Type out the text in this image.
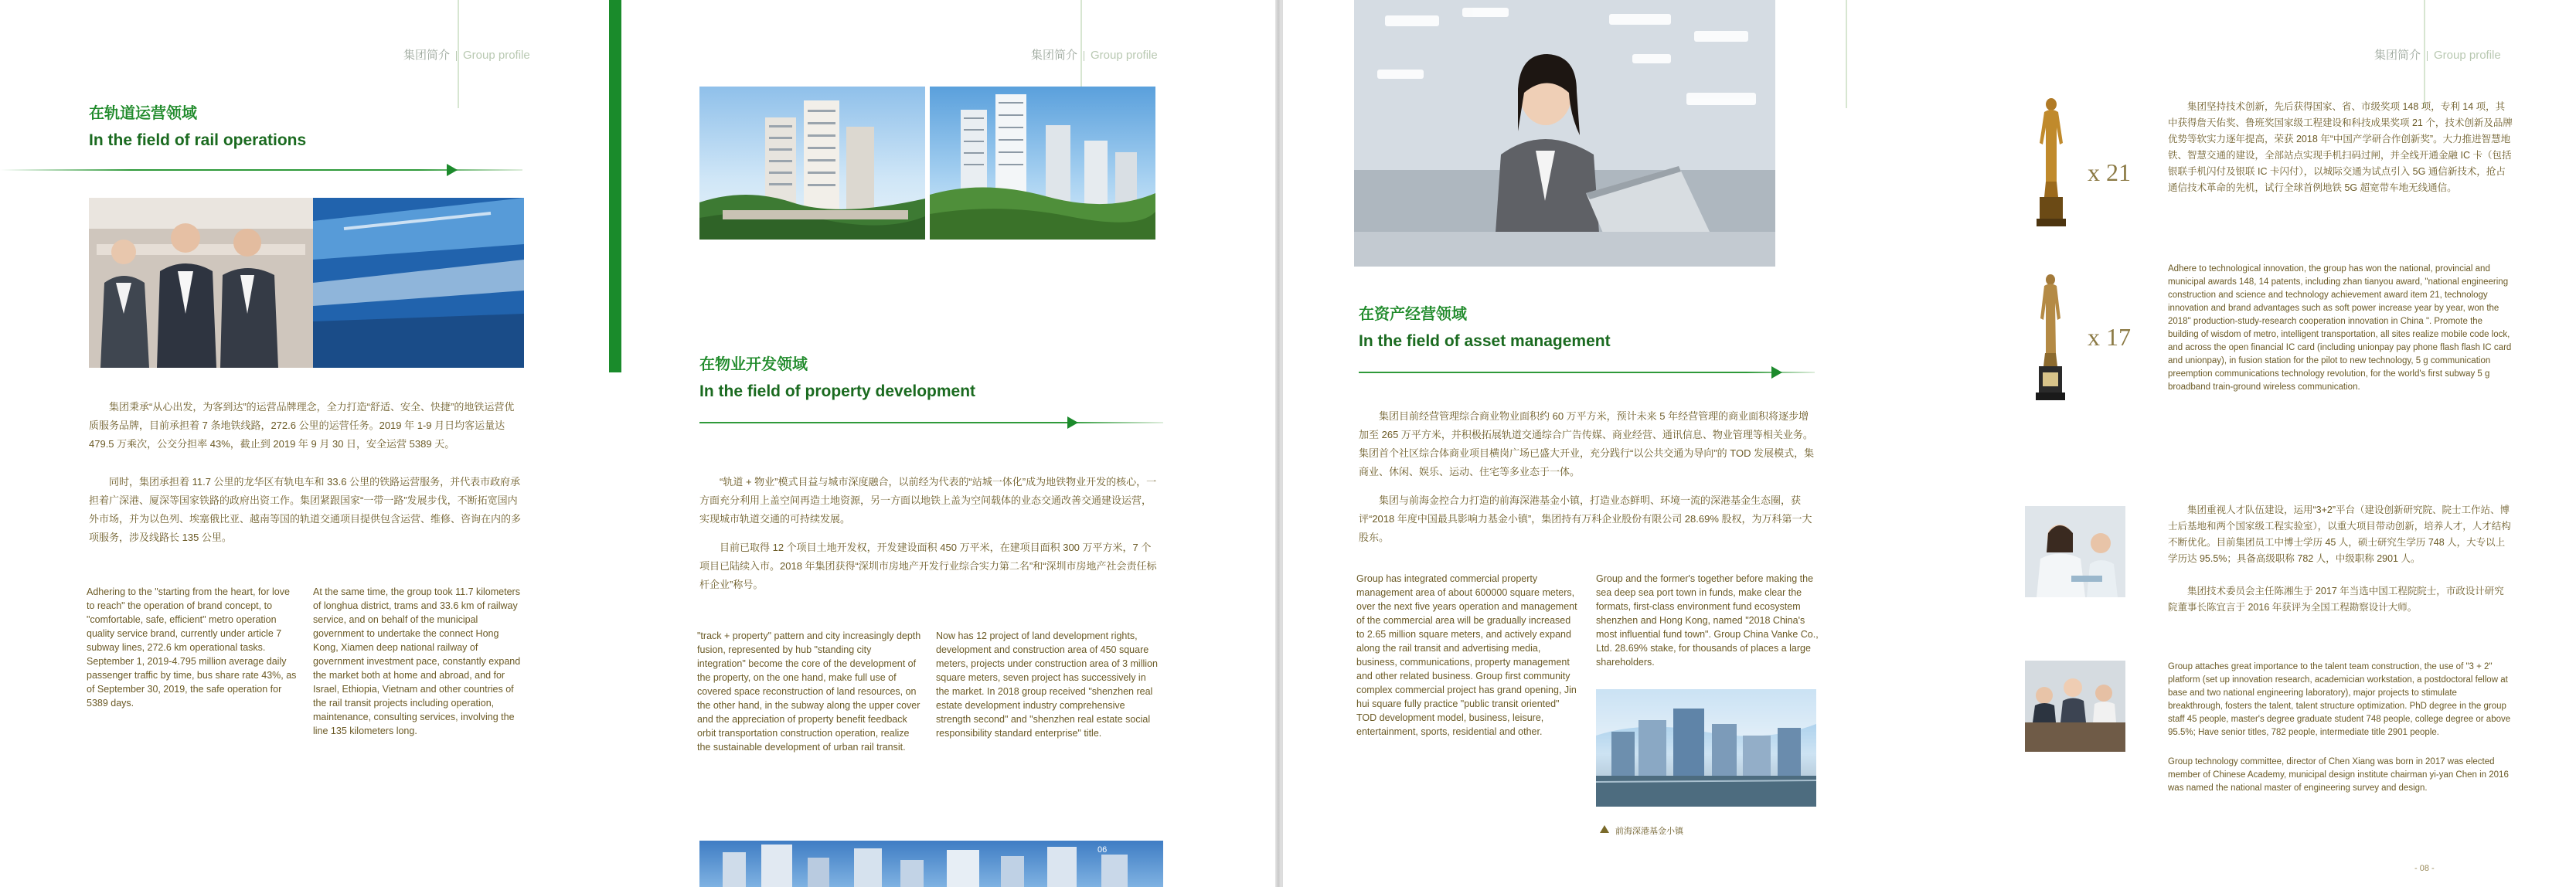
集团简介 Group profile
在轨道运营领域
In the field of rail operations

集团秉承“从心出发，为客到达”的运营品牌理念，全力打造“舒适、安全、快捷”的地铁运营优质服务品牌，目前承担着 7 条地铁线路，272.6 公里的运营任务。2019 年 1-9 月日均客运量达 479.5 万乘次，公交分担率 43%，截止到 2019 年 9 月 30 日，安全运营 5389 天。

同时，集团承担着 11.7 公里的龙华区有轨电车和 33.6 公里的铁路运营服务，并代表市政府承担着广深港、厦深等国家铁路的政府出资工作。集团紧跟国家“一带一路”发展步伐，不断拓宽国内外市场，并为以色列、埃塞俄比亚、越南等国的轨道交通项目提供包含运营、维修、咨询在内的多项服务，涉及线路长 135 公里。

Adhering to the "starting from the heart, for love to reach" the operation of brand concept, to "comfortable, safe, efficient" metro operation quality service brand, currently under article 7 subway lines, 272.6 km operational tasks. September 1, 2019-4.795 million average daily passenger traffic by time, bus share rate 43%, as of September 30, 2019, the safe operation for 5389 days.

At the same time, the group took 11.7 kilometers of longhua district, trams and 33.6 km of railway service, and on behalf of the municipal government to undertake the connect Hong Kong, Xiamen deep national railway of government investment pace, constantly expand the market both at home and abroad, and for Israel, Ethiopia, Vietnam and other countries of the rail transit projects including operation, maintenance, consulting services, involving the line 135 kilometers long.

集团简介 Group profile
在物业开发领域
In the field of property development

“轨道 + 物业”模式目益与城市深度融合，以前经为代表的“站城一体化”成为地铁物业开发的核心，一方面充分利用上盖空间再造土地资源，另一方面以地铁上盖为空间载体的业态交通改善交通建设运营，实现城市轨道交通的可持续发展。

目前已取得 12 个项目土地开发权，开发建设面积 450 万平米，在建项目面积 300 万平方米，7 个项目已陆续入市。2018 年集团获得“深圳市房地产开发行业综合实力第二名”和“深圳市房地产社会责任标杆企业”称号。

"track + property" pattern and city increasingly depth fusion, represented by hub "standing city integration" become the core of the development of the property, on the one hand, make full use of covered space reconstruction of land resources, on the other hand, in the subway along the upper cover and the appreciation of property benefit feedback orbit transportation construction operation, realize the sustainable development of urban rail transit.

Now has 12 project of land development rights, development and construction area of 450 square meters, projects under construction area of 3 million square meters, seven project has successively in the market. In 2018 group received "shenzhen real estate development industry comprehensive strength second" and "shenzhen real estate social responsibility standard enterprise" title.

06
在资产经营领域
In the field of asset management

集团目前经营管理综合商业物业面积约 60 万平方米，预计未来 5 年经营管理的商业面积将逐步增加至 265 万平方米，并积极拓展轨道交通综合广告传媒、商业经营、通讯信息、物业管理等相关业务。集团首个社区综合体商业项目横岗广场已盛大开业，充分践行“以公共交通为导向”的 TOD 发展模式，集商业、休闲、娱乐、运动、住宅等多业态于一体。

集团与前海金控合力打造的前海深港基金小镇，打造业态鲜明、环境一流的深港基金生态圈，获评“2018 年度中国最具影响力基金小镇”，集团持有万科企业股份有限公司 28.69% 股权，为万科第一大股东。

Group has integrated commercial property management area of about 600000 square meters, over the next five years operation and management of the commercial area will be gradually increased to 2.65 million square meters, and actively expand along the rail transit and advertising media, business, communications, property management and other related business. Group first community complex commercial project has grand opening, Jin hui square fully practice "public transit oriented" TOD development model, business, leisure, entertainment, sports, residential and other.

Group and the former's together before making the sea deep sea port town in funds, make clear the formats, first-class environment fund ecosystem shenzhen and Hong Kong, named "2018 China's most influential fund town". Group China Vanke Co., Ltd. 28.69% stake, for thousands of places a large shareholders.

前海深港基金小镇
集团简介 Group profile
x 21
x 17

集团坚持技术创新，先后获得国家、省、市级奖项 148 项，专利 14 项，其中获得詹天佑奖、鲁班奖国家级工程建设和科技成果奖项 21 个，技术创新及品牌优势等软实力逐年提高，荣获 2018 年“中国产学研合作创新奖”。大力推进智慧地铁、智慧交通的建设，全部站点实现手机扫码过闸，并全线开通金融 IC 卡（包括银联手机闪付及银联 IC 卡闪付），以城际交通为试点引入 5G 通信新技术，抢占通信技术革命的先机，试行全球首例地铁 5G 超宽带车地无线通信。

Adhere to technological innovation, the group has won the national, provincial and municipal awards 148, 14 patents, including zhan tianyou award, "national engineering construction and science and technology achievement award item 21, technology innovation and brand advantages such as soft power increase year by year, won the 2018" production-study-research cooperation innovation in China ". Promote the building of wisdom of metro, intelligent transportation, all sites realize mobile code lock, and across the open financial IC card (including unionpay pay phone flash flash IC card and unionpay), in fusion station for the pilot to new technology, 5 g communication preemption communications technology revolution, for the world's first subway 5 g broadband train-ground wireless communication.

集团重视人才队伍建设，运用“3+2”平台（建设创新研究院、院士工作站、博士后基地和两个国家级工程实验室），以重大项目带动创新，培养人才，人才结构不断优化。目前集团员工中博士学历 45 人，硕士研究生学历 748 人，大专以上学历达 95.5%；具备高级职称 782 人，中级职称 2901 人。

集团技术委员会主任陈湘生于 2017 年当选中国工程院院士，市政设计研究院董事长陈宜言于 2016 年获评为全国工程勘察设计大师。

Group attaches great importance to the talent team construction, the use of "3 + 2" platform (set up innovation research, academician workstation, a postdoctoral fellow at base and two national engineering laboratory), major projects to stimulate breakthrough, fosters the talent, talent structure optimization. PhD degree in the group staff 45 people, master's degree graduate student 748 people, college degree or above 95.5%; Have senior titles, 782 people, intermediate title 2901 people.

Group technology committee, director of Chen Xiang was born in 2017 was elected member of Chinese Academy, municipal design institute chairman yi-yan Chen in 2016 was named the national master of engineering survey and design.

- 08 -
